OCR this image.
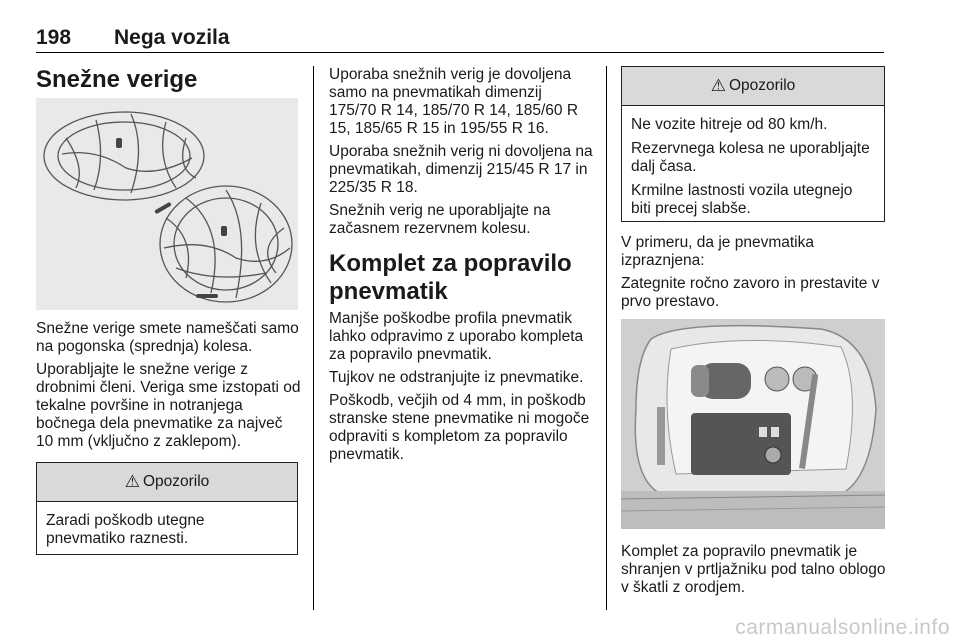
198 Nega vozila
Snežne verige

Snežne verige smete nameščati samo na pogonska (sprednja) kolesa.

Uporabljajte le snežne verige z drobnimi členi. Veriga sme izstopati od tekalne površine in notranjega bočnega dela pnevmatike za največ 10 mm (vključno z zaklepom).

⚠ Opozorilo

Zaradi poškodb utegne pnevmatiko raznesti.

Uporaba snežnih verig je dovoljena samo na pnevmatikah dimenzij 175/70 R 14, 185/70 R 14, 185/60 R 15, 185/65 R 15 in 195/55 R 16.

Uporaba snežnih verig ni dovoljena na pnevmatikah, dimenzij 215/45 R 17 in 225/35 R 18.

Snežnih verig ne uporabljajte na začasnem rezervnem kolesu.

Komplet za popravilo pnevmatik

Manjše poškodbe profila pnevmatik lahko odpravimo z uporabo kompleta za popravilo pnevmatik.

Tujkov ne odstranjujte iz pnevmatike.

Poškodb, večjih od 4 mm, in poškodb stranske stene pnevmatike ni mogoče odpraviti s kompletom za popravilo pnevmatik.

⚠ Opozorilo

Ne vozite hitreje od 80 km/h.

Rezervnega kolesa ne uporabljajte dalj časa.

Krmilne lastnosti vozila utegnejo biti precej slabše.

V primeru, da je pnevmatika izpraznjena:

Zategnite ročno zavoro in prestavite v prvo prestavo.

Komplet za popravilo pnevmatik je shranjen v prtljažniku pod talno oblogo v škatli z orodjem.

carmanualsonline.info
